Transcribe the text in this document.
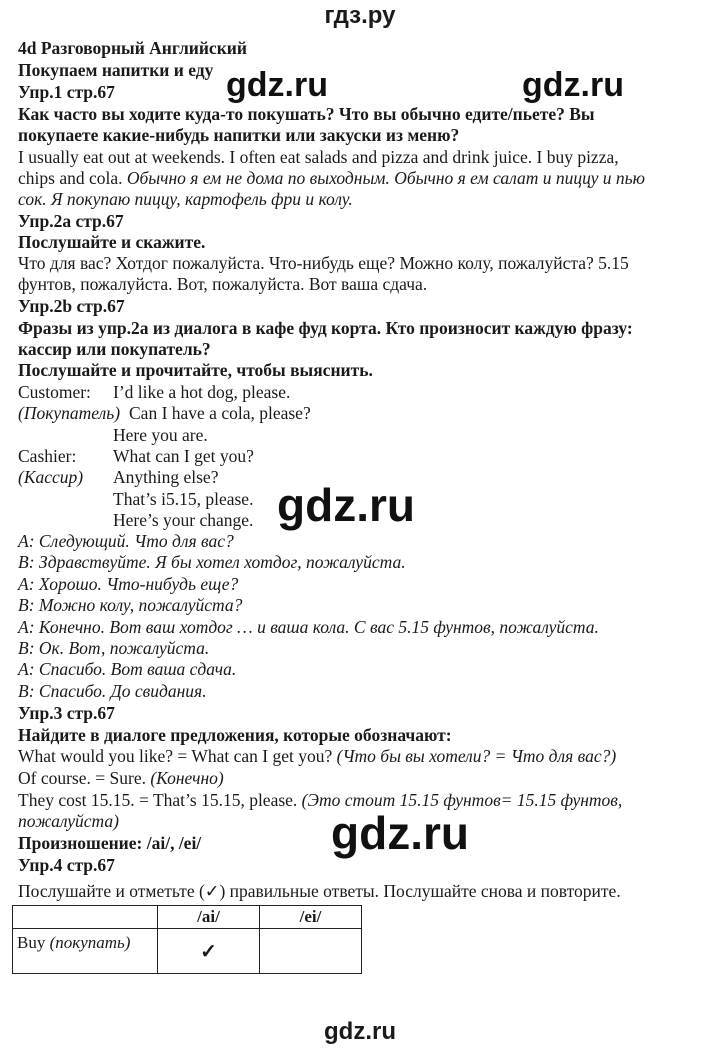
гдз.ру
gdz.ru	gdz.ru
gdz.ru
gdz.ru
4d Разговорный Английский
Покупаем напитки и еду
Упр.1 стр.67
Как часто вы ходите куда-то покушать? Что вы обычно едите/пьете? Вы
покупаете какие-нибудь напитки или закуски из меню?
I usually eat out at weekends. I often eat salads and pizza and drink juice. I buy pizza,
chips and cola. Обычно я ем не дома по выходным. Обычно я ем салат и пиццу и пью
сок. Я покупаю пиццу, картофель фри и колу.
Упр.2а стр.67
Послушайте и скажите.
Что для вас? Хотдог пожалуйста. Что-нибудь еще? Можно колу, пожалуйста? 5.15
фунтов, пожалуйста. Вот, пожалуйста. Вот ваша сдача.
Упр.2b стр.67
Фразы из упр.2а из диалога в кафе фуд корта. Кто произносит каждую фразу:
кассир или покупатель?
Послушайте и прочитайте, чтобы выяснить.
Customer: I’d like a hot dog, please.
(Покупатель) Can I have a cola, please?
Here you are.
Cashier: What can I get you?
(Кассир) Anything else?
That’s i5.15, please.
Here’s your change.
А: Следующий. Что для вас?
В: Здравствуйте. Я бы хотел хотдог, пожалуйста.
А: Хорошо. Что-нибудь еще?
В: Можно колу, пожалуйста?
А: Конечно. Вот ваш хотдог … и ваша кола. С вас 5.15 фунтов, пожалуйста.
В: Ок. Вот, пожалуйста.
А: Спасибо. Вот ваша сдача.
В: Спасибо. До свидания.
Упр.3 стр.67
Найдите в диалоге предложения, которые обозначают:
What would you like? = What can I get you? (Что бы вы хотели? = Что для вас?)
Of course. = Sure. (Конечно)
They cost 15.15. = That’s 15.15, please. (Это стоит 15.15 фунтов= 15.15 фунтов,
пожалуйста)
Произношение: /ai/, /ei/
Упр.4 стр.67
Послушайте и отметьте (✓) правильные ответы. Послушайте снова и повторите.
	/ai/	/ei/
Buy (покупать)	✓	
gdz.ru
